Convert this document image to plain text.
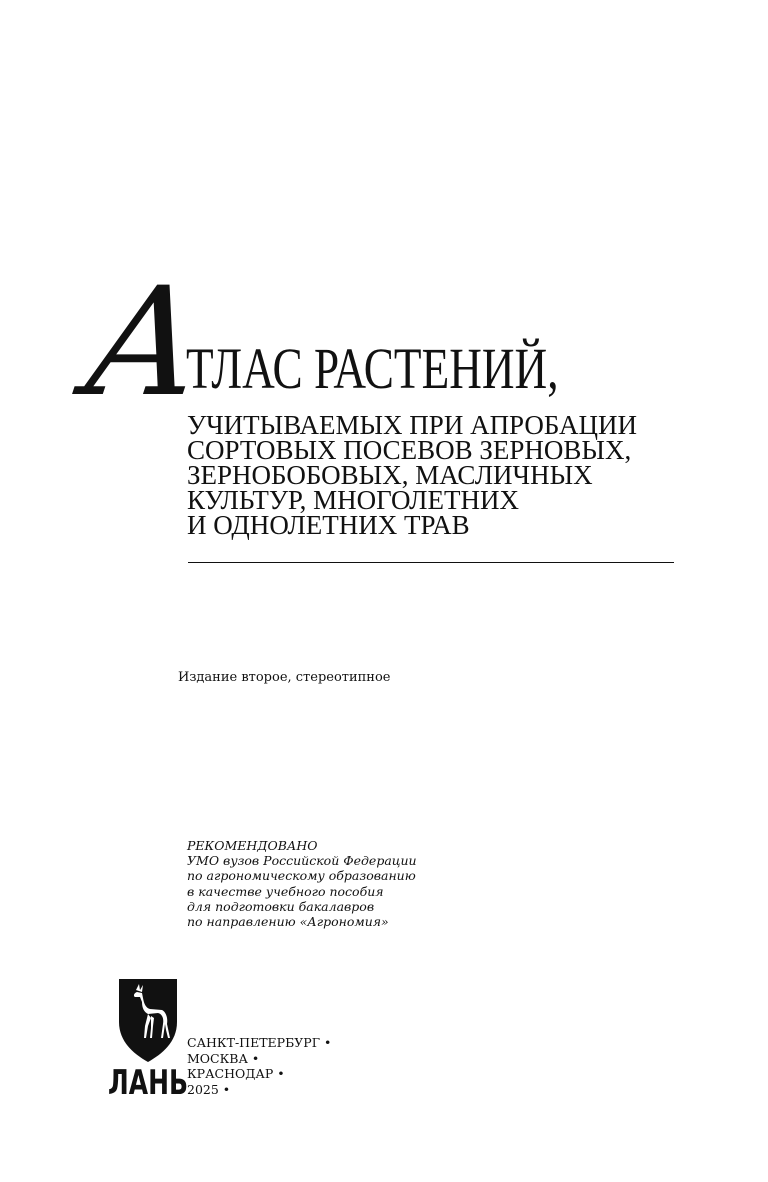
А
ТЛАС РАСТЕНИЙ,
УЧИТЫВАЕМЫХ ПРИ АПРОБАЦИИ
СОРТОВЫХ ПОСЕВОВ ЗЕРНОВЫХ,
ЗЕРНОБОБОВЫХ, МАСЛИЧНЫХ
КУЛЬТУР, МНОГОЛЕТНИХ
И ОДНОЛЕТНИХ ТРАВ
Издание второе, стереотипное
РЕКОМЕНДОВАНО
УМО вузов Российской Федерации
по агрономическому образованию
в качестве учебного пособия
для подготовки бакалавров
по направлению «Агрономия»
ЛАНЬ
САНКТ-ПЕТЕРБУРГ •
МОСКВА •
КРАСНОДАР •
2025 •
